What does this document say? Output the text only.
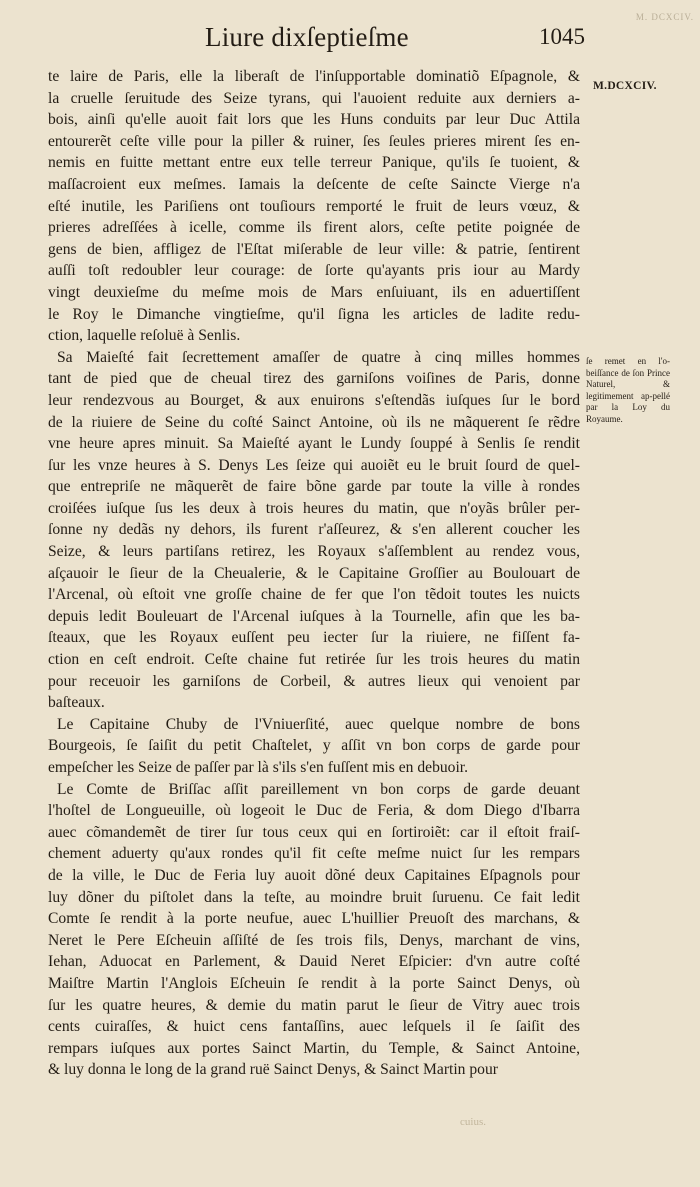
M. DCXCIV.
Liure dixſeptieſme	1045
M.DCXCIV.
ſe remet en l'o-beiſſance de ſon Prince Naturel, & legitimement ap-pellé par la Loy du Royaume.

te laire de Paris, elle la liberaſt de l'inſupportable dominatiõ Eſpagnole, &
la cruelle ſeruitude des Seize tyrans, qui l'auoient reduite aux derniers a-
bois, ainſi qu'elle auoit fait lors que les Huns conduits par leur Duc Attila
entourerẽt ceſte ville pour la piller & ruiner, ſes ſeules prieres mirent ſes en-
nemis en fuitte mettant entre eux telle terreur Panique, qu'ils ſe tuoient, &
maſſacroient eux meſmes. Iamais la deſcente de ceſte Saincte Vierge n'a
eſté inutile, les Pariſiens ont touſiours remporté le fruit de leurs vœuz, &
prieres adreſſées à icelle, comme ils firent alors, ceſte petite poignée de
gens de bien, affligez de l'Eſtat miſerable de leur ville: & patrie, ſentirent
auſſi toſt redoubler leur courage: de ſorte qu'ayants pris iour au Mardy
vingt deuxieſme du meſme mois de Mars enſuiuant, ils en aduertiſſent
le Roy le Dimanche vingtieſme, qu'il ſigna les articles de ladite redu-
ction, laquelle reſoluë à Senlis.

Sa Maieſté fait ſecrettement amaſſer de quatre à cinq milles hommes
tant de pied que de cheual tirez des garniſons voiſines de Paris, donne
leur rendezvous au Bourget, & aux enuirons s'eſtendãs iuſques ſur le bord
de la riuiere de Seine du coſté Sainct Antoine, où ils ne mãquerent ſe rẽdre
vne heure apres minuit. Sa Maieſté ayant le Lundy ſouppé à Senlis ſe rendit
ſur les vnze heures à S. Denys Les ſeize qui auoiẽt eu le bruit ſourd de quel-
que entrepriſe ne mãquerẽt de faire bõne garde par toute la ville à rondes
croiſées iuſque ſus les deux à trois heures du matin, que n'oyãs brûler per-
ſonne ny dedãs ny dehors, ils furent r'aſſeurez, & s'en allerent coucher les
Seize, & leurs partiſans retirez, les Royaux s'aſſemblent au rendez vous,
aſçauoir le ſieur de la Cheualerie, & le Capitaine Groſſier au Boulouart de
l'Arcenal, où eſtoit vne groſſe chaine de fer que l'on tẽdoit toutes les nuicts
depuis ledit Bouleuart de l'Arcenal iuſques à la Tournelle, afin que les ba-
ſteaux, que les Royaux euſſent peu iecter ſur la riuiere, ne fiſſent fa-
ction en ceſt endroit. Ceſte chaine fut retirée ſur les trois heures du matin
pour receuoir les garniſons de Corbeil, & autres lieux qui venoient par
baſteaux.

Le Capitaine Chuby de l'Vniuerſité, auec quelque nombre de bons
Bourgeois, ſe ſaiſit du petit Chaſtelet, y aſſit vn bon corps de garde pour
empeſcher les Seize de paſſer par là s'ils s'en fuſſent mis en debuoir.

Le Comte de Briſſac aſſit pareillement vn bon corps de garde deuant
l'hoſtel de Longueuille, où logeoit le Duc de Feria, & dom Diego d'Ibarra
auec cõmandemẽt de tirer ſur tous ceux qui en ſortiroiẽt: car il eſtoit fraiſ-
chement aduerty qu'aux rondes qu'il fit ceſte meſme nuict ſur les rempars
de la ville, le Duc de Feria luy auoit dõné deux Capitaines Eſpagnols pour
luy dõner du piſtolet dans la teſte, au moindre bruit ſuruenu. Ce fait ledit
Comte ſe rendit à la porte neufue, auec L'huillier Preuoſt des marchans, &
Neret le Pere Eſcheuin aſſiſté de ſes trois fils, Denys, marchant de vins,
Iehan, Aduocat en Parlement, & Dauid Neret Eſpicier: d'vn autre coſté
Maiſtre Martin l'Anglois Eſcheuin ſe rendit à la porte Sainct Denys, où
ſur les quatre heures, & demie du matin parut le ſieur de Vitry auec trois
cents cuiraſſes, & huict cens fantaſſins, auec leſquels il ſe ſaiſit des
rempars iuſques aux portes Sainct Martin, du Temple, & Sainct Antoine,
& luy donna le long de la grand ruë Sainct Denys, & Sainct Martin pour

cuius.
